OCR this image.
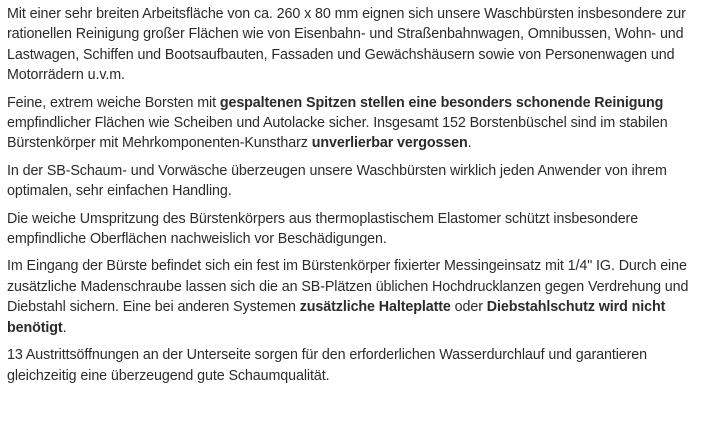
Mit einer sehr breiten Arbeitsfläche von ca. 260 x 80 mm eignen sich unsere Waschbürsten insbesondere zur rationellen Reinigung großer Flächen wie von Eisenbahn- und Straßenbahnwagen, Omnibussen, Wohn- und Lastwagen, Schiffen und Bootsaufbauten, Fassaden und Gewächshäusern sowie von Personenwagen und Motorrädern u.v.m.

Feine, extrem weiche Borsten mit gespaltenen Spitzen stellen eine besonders schonende Reinigung empfindlicher Flächen wie Scheiben und Autolacke sicher. Insgesamt 152 Borstenbüschel sind im stabilen Bürstenkörper mit Mehrkomponenten-Kunstharz unverlierbar vergossen.

In der SB-Schaum- und Vorwäsche überzeugen unsere Waschbürsten wirklich jeden Anwender von ihrem optimalen, sehr einfachen Handling.

Die weiche Umspritzung des Bürstenkörpers aus thermoplastischem Elastomer schützt insbesondere empfindliche Oberflächen nachweislich vor Beschädigungen.

Im Eingang der Bürste befindet sich ein fest im Bürstenkörper fixierter Messingeinsatz mit 1/4" IG. Durch eine zusätzliche Madenschraube lassen sich die an SB-Plätzen üblichen Hochdrucklanzen gegen Verdrehung und Diebstahl sichern. Eine bei anderen Systemen zusätzliche Halteplatte oder Diebstahlschutz wird nicht benötigt.

13 Austrittsöffnungen an der Unterseite sorgen für den erforderlichen Wasserdurchlauf und garantieren gleichzeitig eine überzeugend gute Schaumqualität.
